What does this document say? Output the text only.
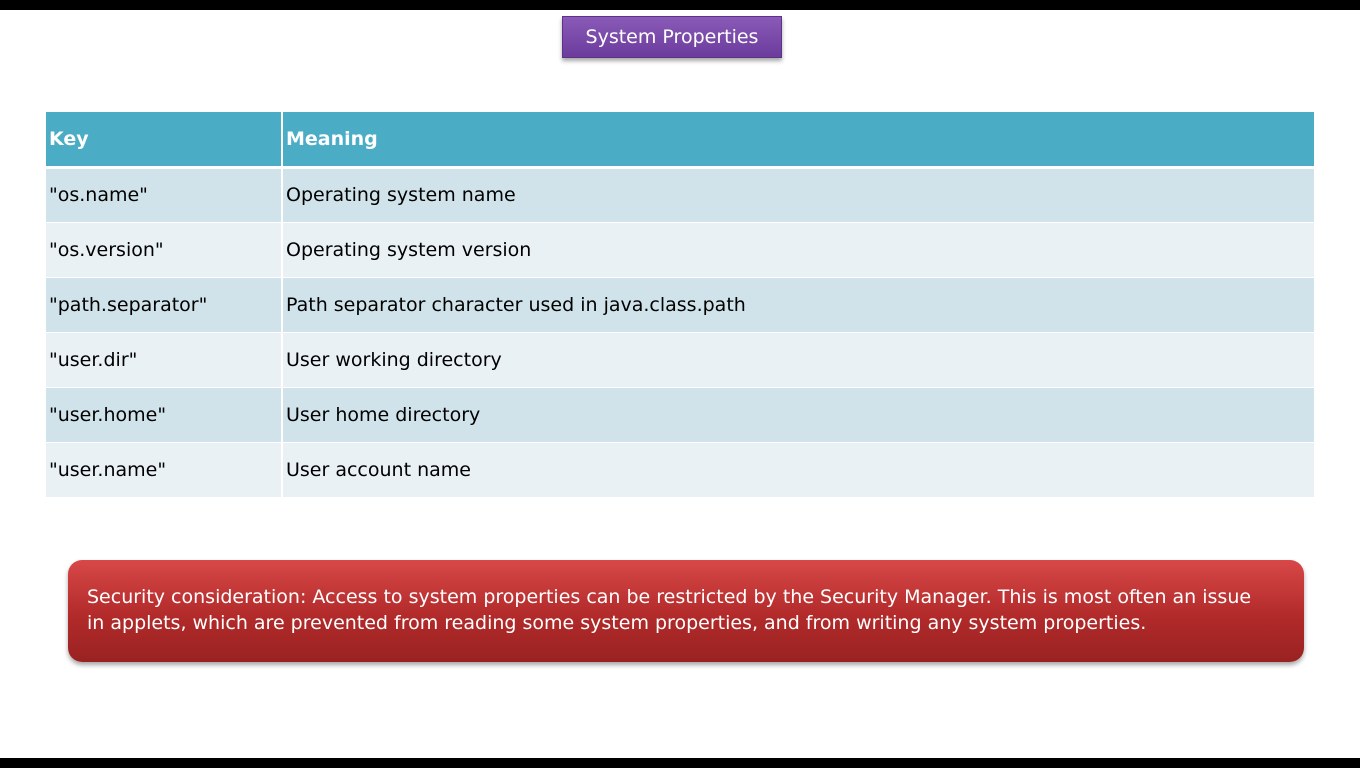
System Properties
Key	Meaning
"os.name"	Operating system name
"os.version"	Operating system version
"path.separator"	Path separator character used in java.class.path
"user.dir"	User working directory
"user.home"	User home directory
"user.name"	User account name
Security consideration: Access to system properties can be restricted by the Security Manager. This is most often an issue in applets, which are prevented from reading some system properties, and from writing any system properties.
